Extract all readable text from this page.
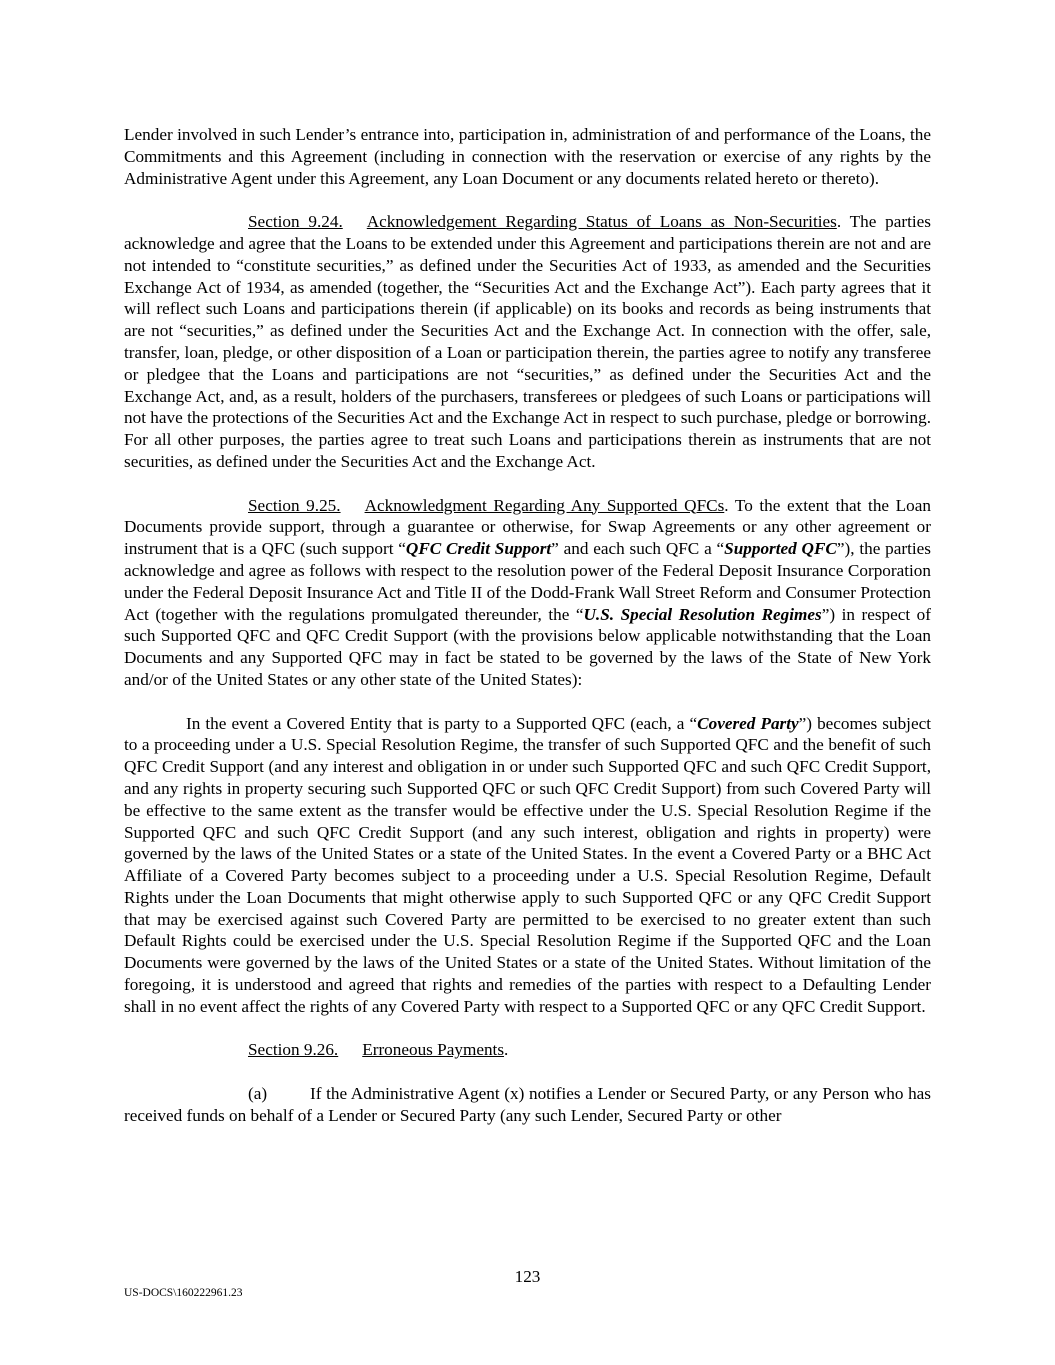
Lender involved in such Lender’s entrance into, participation in, administration of and performance of the Loans, the Commitments and this Agreement (including in connection with the reservation or exercise of any rights by the Administrative Agent under this Agreement, any Loan Document or any documents related hereto or thereto).

Section 9.24. Acknowledgement Regarding Status of Loans as Non-Securities. The parties acknowledge and agree that the Loans to be extended under this Agreement and participations therein are not and are not intended to “constitute securities,” as defined under the Securities Act of 1933, as amended and the Securities Exchange Act of 1934, as amended (together, the “Securities Act and the Exchange Act”). Each party agrees that it will reflect such Loans and participations therein (if applicable) on its books and records as being instruments that are not “securities,” as defined under the Securities Act and the Exchange Act. In connection with the offer, sale, transfer, loan, pledge, or other disposition of a Loan or participation therein, the parties agree to notify any transferee or pledgee that the Loans and participations are not “securities,” as defined under the Securities Act and the Exchange Act, and, as a result, holders of the purchasers, transferees or pledgees of such Loans or participations will not have the protections of the Securities Act and the Exchange Act in respect to such purchase, pledge or borrowing. For all other purposes, the parties agree to treat such Loans and participations therein as instruments that are not securities, as defined under the Securities Act and the Exchange Act.

Section 9.25. Acknowledgment Regarding Any Supported QFCs. To the extent that the Loan Documents provide support, through a guarantee or otherwise, for Swap Agreements or any other agreement or instrument that is a QFC (such support “QFC Credit Support” and each such QFC a “Supported QFC”), the parties acknowledge and agree as follows with respect to the resolution power of the Federal Deposit Insurance Corporation under the Federal Deposit Insurance Act and Title II of the Dodd-Frank Wall Street Reform and Consumer Protection Act (together with the regulations promulgated thereunder, the “U.S. Special Resolution Regimes”) in respect of such Supported QFC and QFC Credit Support (with the provisions below applicable notwithstanding that the Loan Documents and any Supported QFC may in fact be stated to be governed by the laws of the State of New York and/or of the United States or any other state of the United States):

In the event a Covered Entity that is party to a Supported QFC (each, a “Covered Party”) becomes subject to a proceeding under a U.S. Special Resolution Regime, the transfer of such Supported QFC and the benefit of such QFC Credit Support (and any interest and obligation in or under such Supported QFC and such QFC Credit Support, and any rights in property securing such Supported QFC or such QFC Credit Support) from such Covered Party will be effective to the same extent as the transfer would be effective under the U.S. Special Resolution Regime if the Supported QFC and such QFC Credit Support (and any such interest, obligation and rights in property) were governed by the laws of the United States or a state of the United States. In the event a Covered Party or a BHC Act Affiliate of a Covered Party becomes subject to a proceeding under a U.S. Special Resolution Regime, Default Rights under the Loan Documents that might otherwise apply to such Supported QFC or any QFC Credit Support that may be exercised against such Covered Party are permitted to be exercised to no greater extent than such Default Rights could be exercised under the U.S. Special Resolution Regime if the Supported QFC and the Loan Documents were governed by the laws of the United States or a state of the United States. Without limitation of the foregoing, it is understood and agreed that rights and remedies of the parties with respect to a Defaulting Lender shall in no event affect the rights of any Covered Party with respect to a Supported QFC or any QFC Credit Support.

Section 9.26. Erroneous Payments.

(a) If the Administrative Agent (x) notifies a Lender or Secured Party, or any Person who has received funds on behalf of a Lender or Secured Party (any such Lender, Secured Party or other

123
US-DOCS\160222961.23
